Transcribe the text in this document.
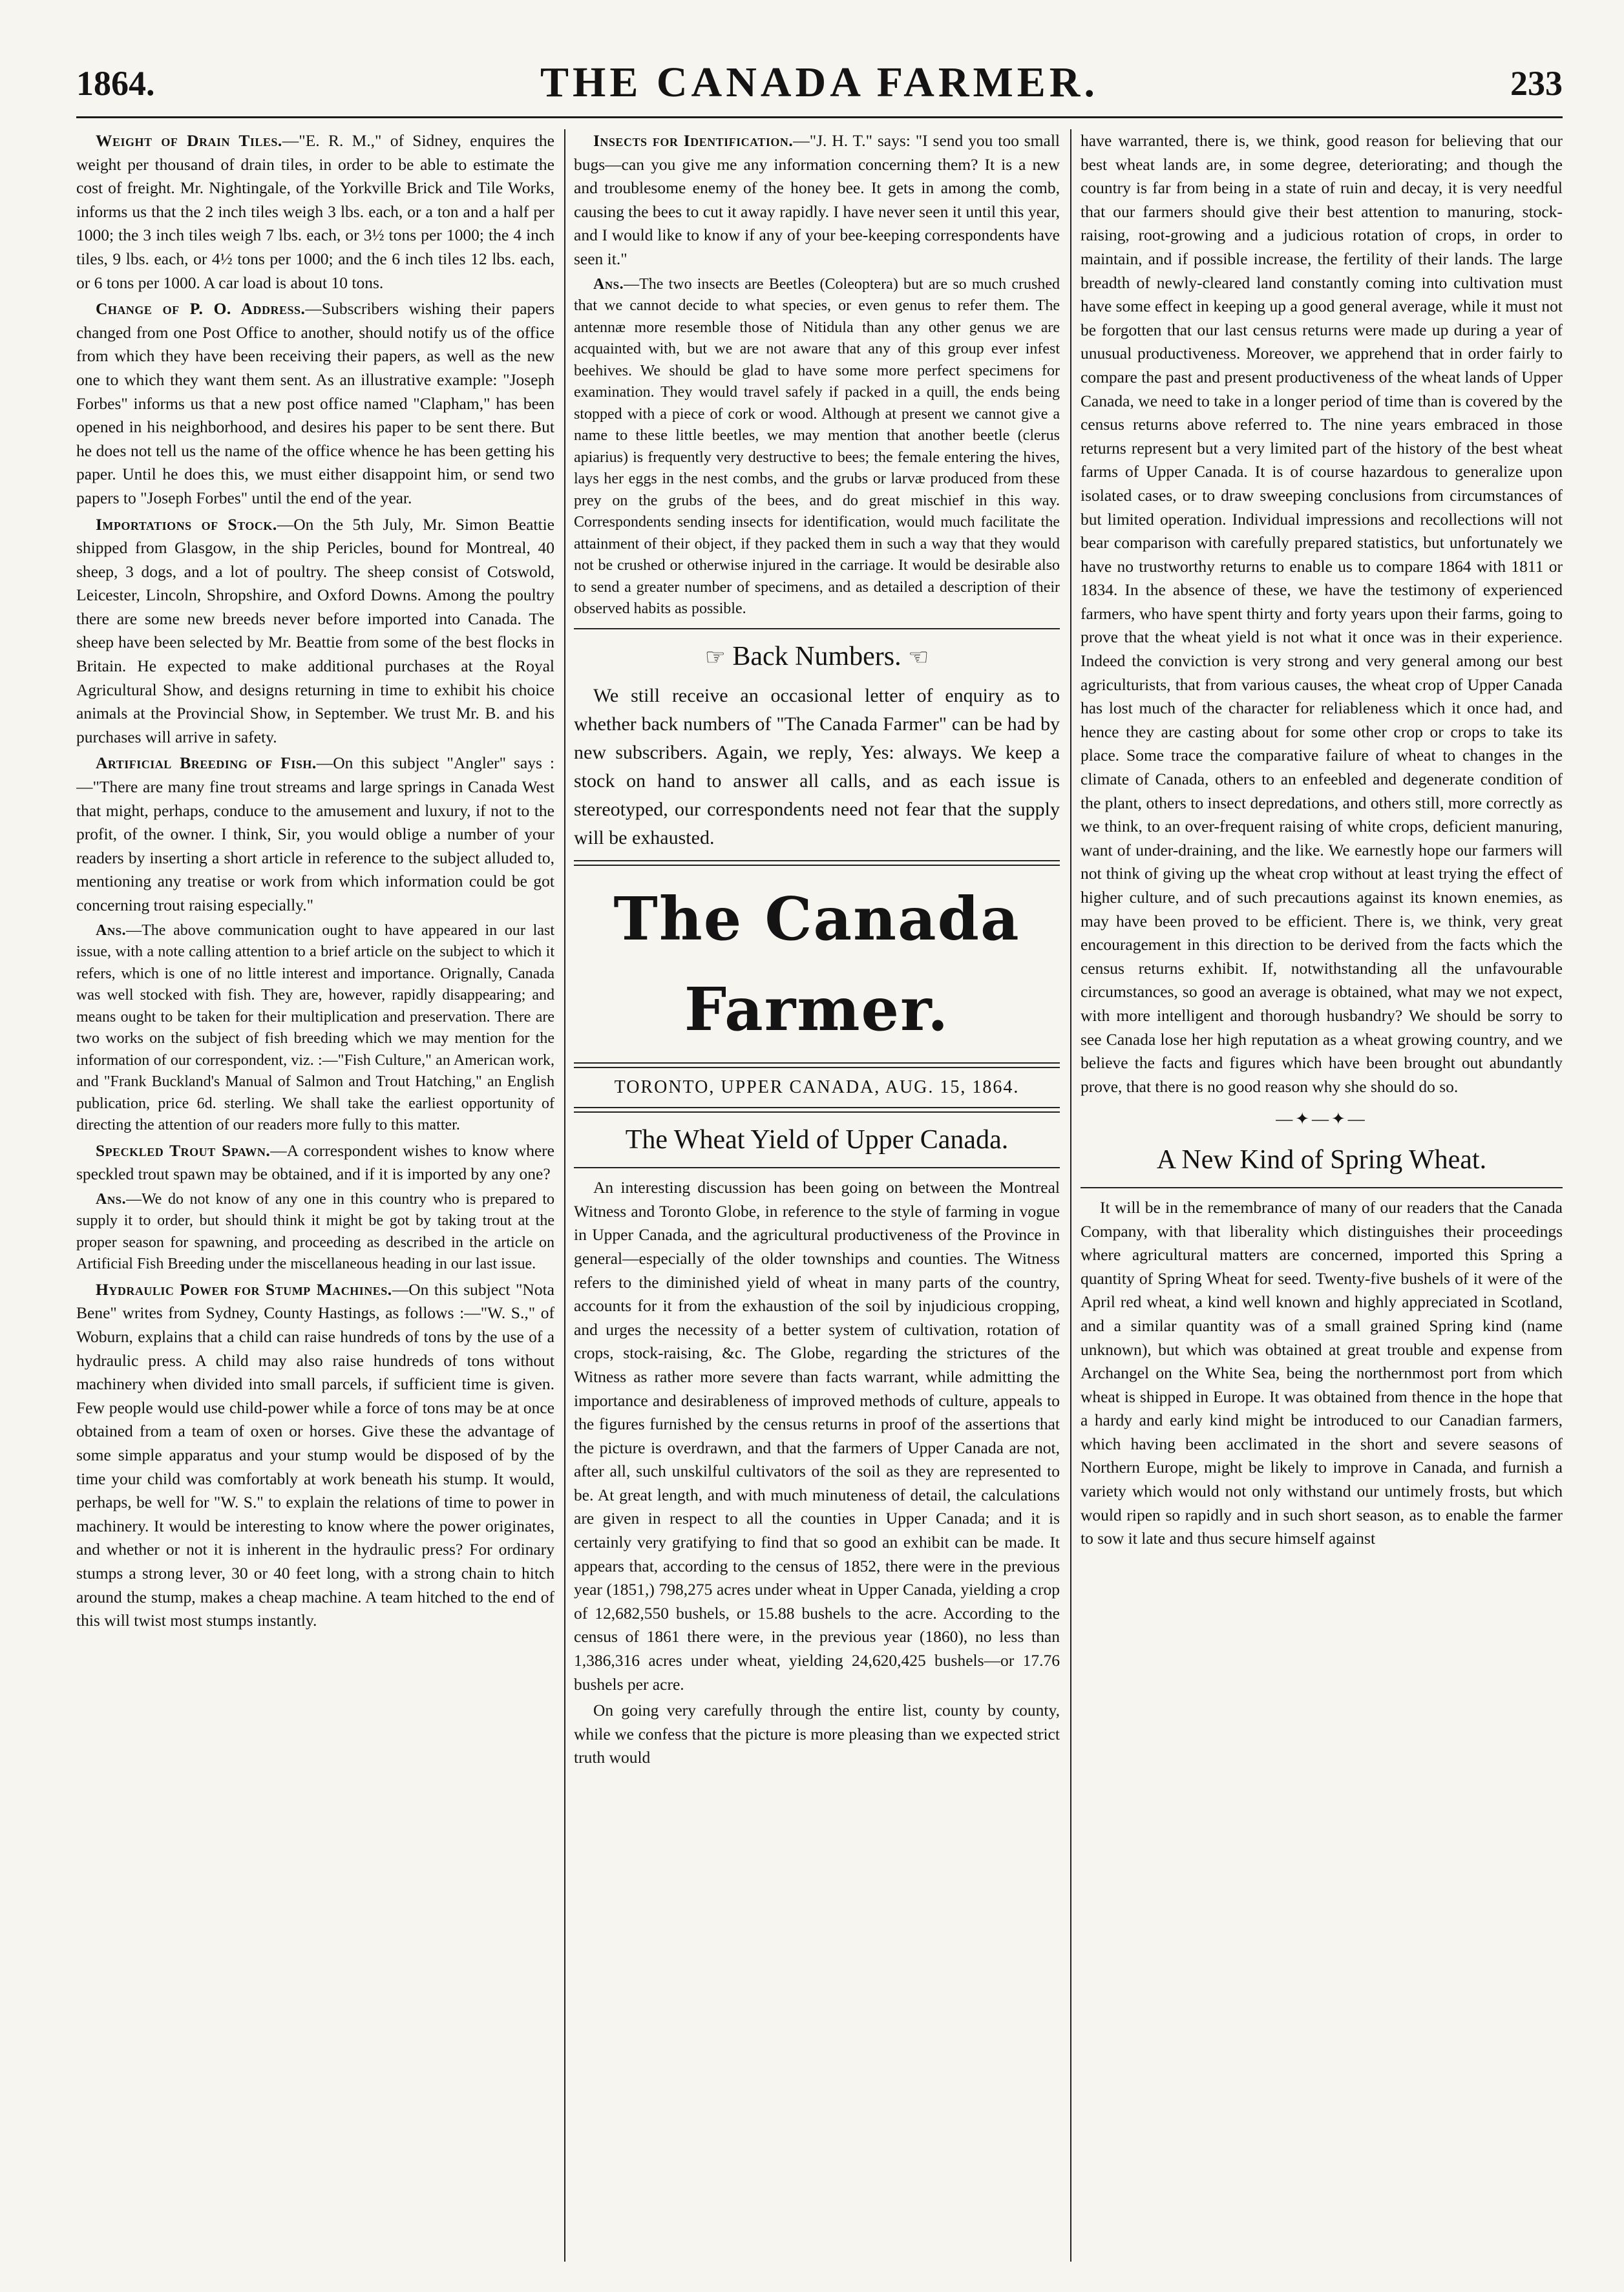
1864.	THE CANADA FARMER.	233

Weight of Drain Tiles.—"E. R. M.," of Sidney, enquires the weight per thousand of drain tiles, in order to be able to estimate the cost of freight. Mr. Nightingale, of the Yorkville Brick and Tile Works, informs us that the 2 inch tiles weigh 3 lbs. each, or a ton and a half per 1000; the 3 inch tiles weigh 7 lbs. each, or 3½ tons per 1000; the 4 inch tiles, 9 lbs. each, or 4½ tons per 1000; and the 6 inch tiles 12 lbs. each, or 6 tons per 1000. A car load is about 10 tons.

Change of P. O. Address.—Subscribers wishing their papers changed from one Post Office to another, should notify us of the office from which they have been receiving their papers, as well as the new one to which they want them sent. As an illustrative example: "Joseph Forbes" informs us that a new post office named "Clapham," has been opened in his neighborhood, and desires his paper to be sent there. But he does not tell us the name of the office whence he has been getting his paper. Until he does this, we must either disappoint him, or send two papers to "Joseph Forbes" until the end of the year.

Importations of Stock.—On the 5th July, Mr. Simon Beattie shipped from Glasgow, in the ship Pericles, bound for Montreal, 40 sheep, 3 dogs, and a lot of poultry. The sheep consist of Cotswold, Leicester, Lincoln, Shropshire, and Oxford Downs. Among the poultry there are some new breeds never before imported into Canada. The sheep have been selected by Mr. Beattie from some of the best flocks in Britain. He expected to make additional purchases at the Royal Agricultural Show, and designs returning in time to exhibit his choice animals at the Provincial Show, in September. We trust Mr. B. and his purchases will arrive in safety.

Artificial Breeding of Fish.—On this subject "Angler" says :—"There are many fine trout streams and large springs in Canada West that might, perhaps, conduce to the amusement and luxury, if not to the profit, of the owner. I think, Sir, you would oblige a number of your readers by inserting a short article in reference to the subject alluded to, mentioning any treatise or work from which information could be got concerning trout raising especially."

Ans.—The above communication ought to have appeared in our last issue, with a note calling attention to a brief article on the subject to which it refers, which is one of no little interest and importance. Orignally, Canada was well stocked with fish. They are, however, rapidly disappearing; and means ought to be taken for their multiplication and preservation. There are two works on the subject of fish breeding which we may mention for the information of our correspondent, viz. :—"Fish Culture," an American work, and "Frank Buckland's Manual of Salmon and Trout Hatching," an English publication, price 6d. sterling. We shall take the earliest opportunity of directing the attention of our readers more fully to this matter.

Speckled Trout Spawn.—A correspondent wishes to know where speckled trout spawn may be obtained, and if it is imported by any one?

Ans.—We do not know of any one in this country who is prepared to supply it to order, but should think it might be got by taking trout at the proper season for spawning, and proceeding as described in the article on Artificial Fish Breeding under the miscellaneous heading in our last issue.

Hydraulic Power for Stump Machines.—On this subject "Nota Bene" writes from Sydney, County Hastings, as follows :—"W. S.," of Woburn, explains that a child can raise hundreds of tons by the use of a hydraulic press. A child may also raise hundreds of tons without machinery when divided into small parcels, if sufficient time is given. Few people would use child-power while a force of tons may be at once obtained from a team of oxen or horses. Give these the advantage of some simple apparatus and your stump would be disposed of by the time your child was comfortably at work beneath his stump. It would, perhaps, be well for "W. S." to explain the relations of time to power in machinery. It would be interesting to know where the power originates, and whether or not it is inherent in the hydraulic press? For ordinary stumps a strong lever, 30 or 40 feet long, with a strong chain to hitch around the stump, makes a cheap machine. A team hitched to the end of this will twist most stumps instantly.

Insects for Identification.—"J. H. T." says: "I send you too small bugs—can you give me any information concerning them? It is a new and troublesome enemy of the honey bee. It gets in among the comb, causing the bees to cut it away rapidly. I have never seen it until this year, and I would like to know if any of your bee-keeping correspondents have seen it."

Ans.—The two insects are Beetles (Coleoptera) but are so much crushed that we cannot decide to what species, or even genus to refer them. The antennæ more resemble those of Nitidula than any other genus we are acquainted with, but we are not aware that any of this group ever infest beehives. We should be glad to have some more perfect specimens for examination. They would travel safely if packed in a quill, the ends being stopped with a piece of cork or wood. Although at present we cannot give a name to these little beetles, we may mention that another beetle (clerus apiarius) is frequently very destructive to bees; the female entering the hives, lays her eggs in the nest combs, and the grubs or larvæ produced from these prey on the grubs of the bees, and do great mischief in this way. Correspondents sending insects for identification, would much facilitate the attainment of their object, if they packed them in such a way that they would not be crushed or otherwise injured in the carriage. It would be desirable also to send a greater number of specimens, and as detailed a description of their observed habits as possible.

☞ Back Numbers. ☜

We still receive an occasional letter of enquiry as to whether back numbers of "The Canada Farmer" can be had by new subscribers. Again, we reply, Yes: always. We keep a stock on hand to answer all calls, and as each issue is stereotyped, our correspondents need not fear that the supply will be exhausted.

The Canada Farmer.
TORONTO, UPPER CANADA, AUG. 15, 1864.
The Wheat Yield of Upper Canada.

An interesting discussion has been going on between the Montreal Witness and Toronto Globe, in reference to the style of farming in vogue in Upper Canada, and the agricultural productiveness of the Province in general—especially of the older townships and counties. The Witness refers to the diminished yield of wheat in many parts of the country, accounts for it from the exhaustion of the soil by injudicious cropping, and urges the necessity of a better system of cultivation, rotation of crops, stock-raising, &c. The Globe, regarding the strictures of the Witness as rather more severe than facts warrant, while admitting the importance and desirableness of improved methods of culture, appeals to the figures furnished by the census returns in proof of the assertions that the picture is overdrawn, and that the farmers of Upper Canada are not, after all, such unskilful cultivators of the soil as they are represented to be. At great length, and with much minuteness of detail, the calculations are given in respect to all the counties in Upper Canada; and it is certainly very gratifying to find that so good an exhibit can be made. It appears that, according to the census of 1852, there were in the previous year (1851,) 798,275 acres under wheat in Upper Canada, yielding a crop of 12,682,550 bushels, or 15.88 bushels to the acre. According to the census of 1861 there were, in the previous year (1860), no less than 1,386,316 acres under wheat, yielding 24,620,425 bushels—or 17.76 bushels per acre.

On going very carefully through the entire list, county by county, while we confess that the picture is more pleasing than we expected strict truth would

have warranted, there is, we think, good reason for believing that our best wheat lands are, in some degree, deteriorating; and though the country is far from being in a state of ruin and decay, it is very needful that our farmers should give their best attention to manuring, stock-raising, root-growing and a judicious rotation of crops, in order to maintain, and if possible increase, the fertility of their lands. The large breadth of newly-cleared land constantly coming into cultivation must have some effect in keeping up a good general average, while it must not be forgotten that our last census returns were made up during a year of unusual productiveness. Moreover, we apprehend that in order fairly to compare the past and present productiveness of the wheat lands of Upper Canada, we need to take in a longer period of time than is covered by the census returns above referred to. The nine years embraced in those returns represent but a very limited part of the history of the best wheat farms of Upper Canada. It is of course hazardous to generalize upon isolated cases, or to draw sweeping conclusions from circumstances of but limited operation. Individual impressions and recollections will not bear comparison with carefully prepared statistics, but unfortunately we have no trustworthy returns to enable us to compare 1864 with 1811 or 1834. In the absence of these, we have the testimony of experienced farmers, who have spent thirty and forty years upon their farms, going to prove that the wheat yield is not what it once was in their experience. Indeed the conviction is very strong and very general among our best agriculturists, that from various causes, the wheat crop of Upper Canada has lost much of the character for reliableness which it once had, and hence they are casting about for some other crop or crops to take its place. Some trace the comparative failure of wheat to changes in the climate of Canada, others to an enfeebled and degenerate condition of the plant, others to insect depredations, and others still, more correctly as we think, to an over-frequent raising of white crops, deficient manuring, want of under-draining, and the like. We earnestly hope our farmers will not think of giving up the wheat crop without at least trying the effect of higher culture, and of such precautions against its known enemies, as may have been proved to be efficient. There is, we think, very great encouragement in this direction to be derived from the facts which the census returns exhibit. If, notwithstanding all the unfavourable circumstances, so good an average is obtained, what may we not expect, with more intelligent and thorough husbandry? We should be sorry to see Canada lose her high reputation as a wheat growing country, and we believe the facts and figures which have been brought out abundantly prove, that there is no good reason why she should do so.

—✦—✦—
A New Kind of Spring Wheat.

It will be in the remembrance of many of our readers that the Canada Company, with that liberality which distinguishes their proceedings where agricultural matters are concerned, imported this Spring a quantity of Spring Wheat for seed. Twenty-five bushels of it were of the April red wheat, a kind well known and highly appreciated in Scotland, and a similar quantity was of a small grained Spring kind (name unknown), but which was obtained at great trouble and expense from Archangel on the White Sea, being the northernmost port from which wheat is shipped in Europe. It was obtained from thence in the hope that a hardy and early kind might be introduced to our Canadian farmers, which having been acclimated in the short and severe seasons of Northern Europe, might be likely to improve in Canada, and furnish a variety which would not only withstand our untimely frosts, but which would ripen so rapidly and in such short season, as to enable the farmer to sow it late and thus secure himself against
